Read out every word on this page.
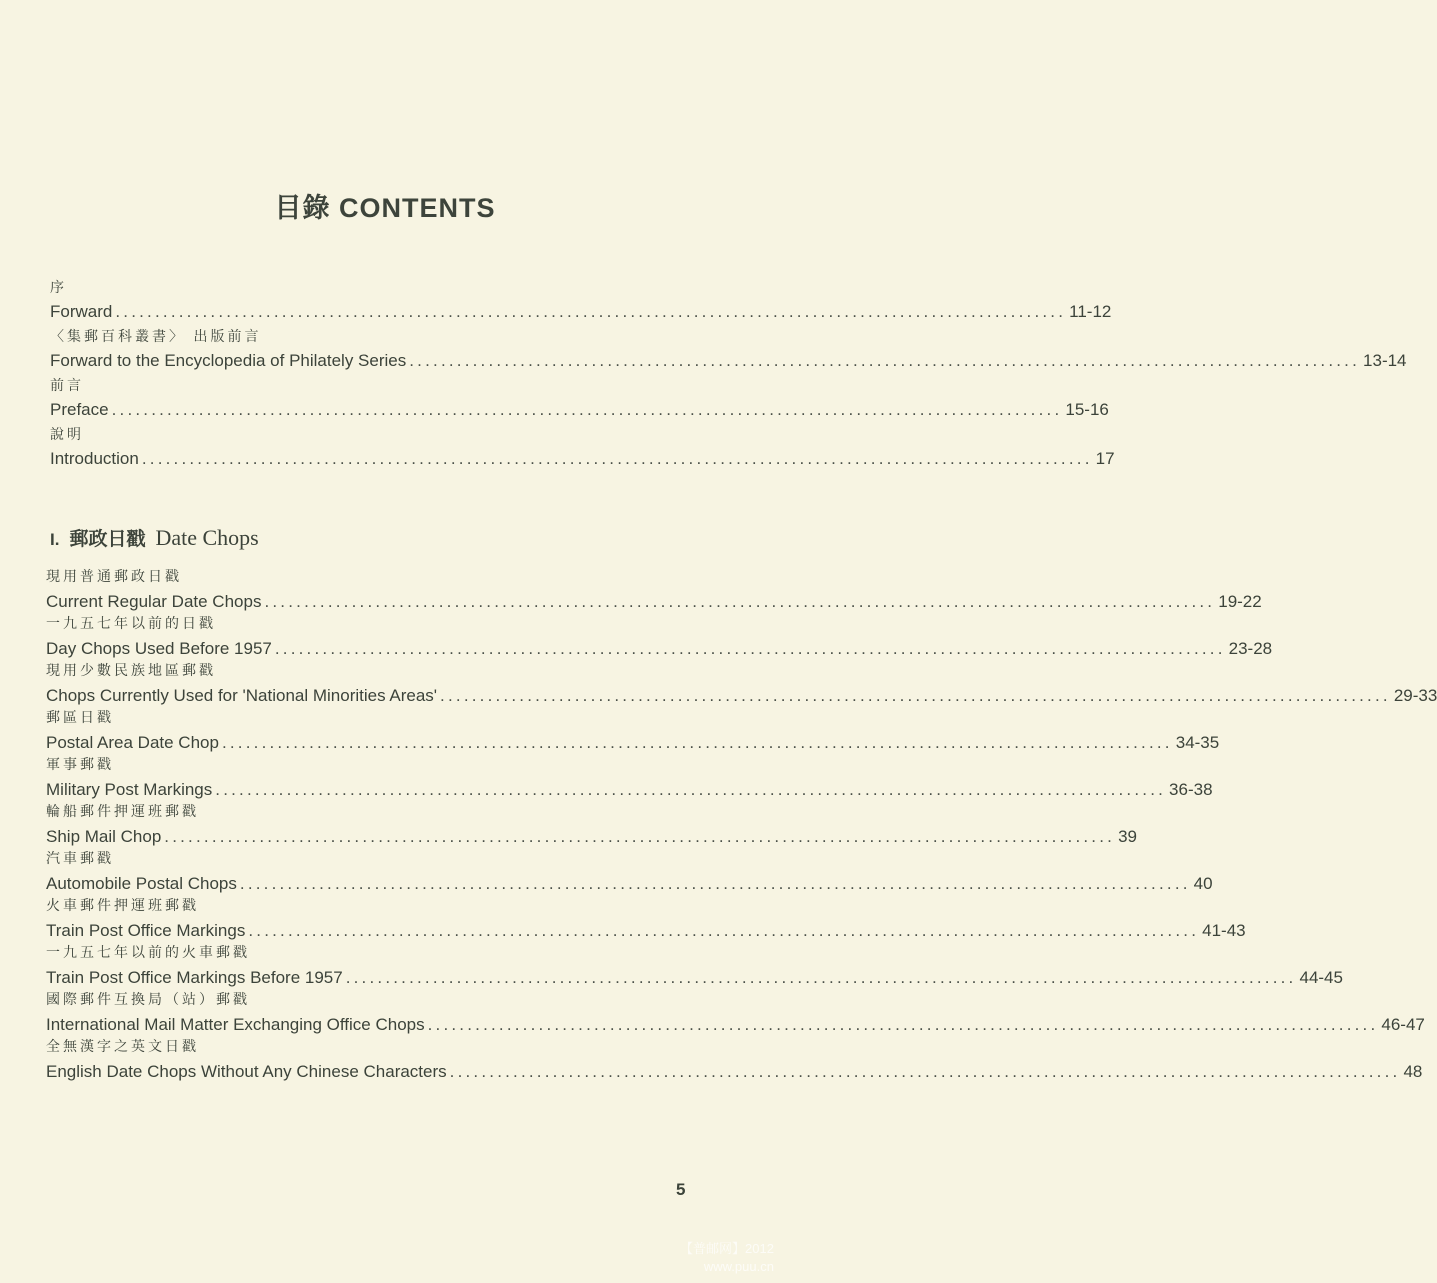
目錄 CONTENTS
序
Forward ........................................................................................................................ 11-12
〈集郵百科叢書〉 出版前言
Forward to the Encyclopedia of Philately Series ........................................................................................................................ 13-14
前言
Preface ........................................................................................................................ 15-16
說明
Introduction ........................................................................................................................ 17
I. 郵政日戳 Date Chops
現用普通郵政日戳
Current Regular Date Chops ........................................................................................................................ 19-22
一九五七年以前的日戳
Day Chops Used Before 1957 ........................................................................................................................ 23-28
現用少數民族地區郵戳
Chops Currently Used for 'National Minorities Areas' ........................................................................................................................ 29-33
郵區日戳
Postal Area Date Chop ........................................................................................................................ 34-35
軍事郵戳
Military Post Markings ........................................................................................................................ 36-38
輪船郵件押運班郵戳
Ship Mail Chop ........................................................................................................................ 39
汽車郵戳
Automobile Postal Chops ........................................................................................................................ 40
火車郵件押運班郵戳
Train Post Office Markings ........................................................................................................................ 41-43
一九五七年以前的火車郵戳
Train Post Office Markings Before 1957 ........................................................................................................................ 44-45
國際郵件互換局（站）郵戳
International Mail Matter Exchanging Office Chops ........................................................................................................................ 46-47
全無漢字之英文日戳
English Date Chops Without Any Chinese Characters ........................................................................................................................ 48
5
【普邮网】2012
www.puu.cn
